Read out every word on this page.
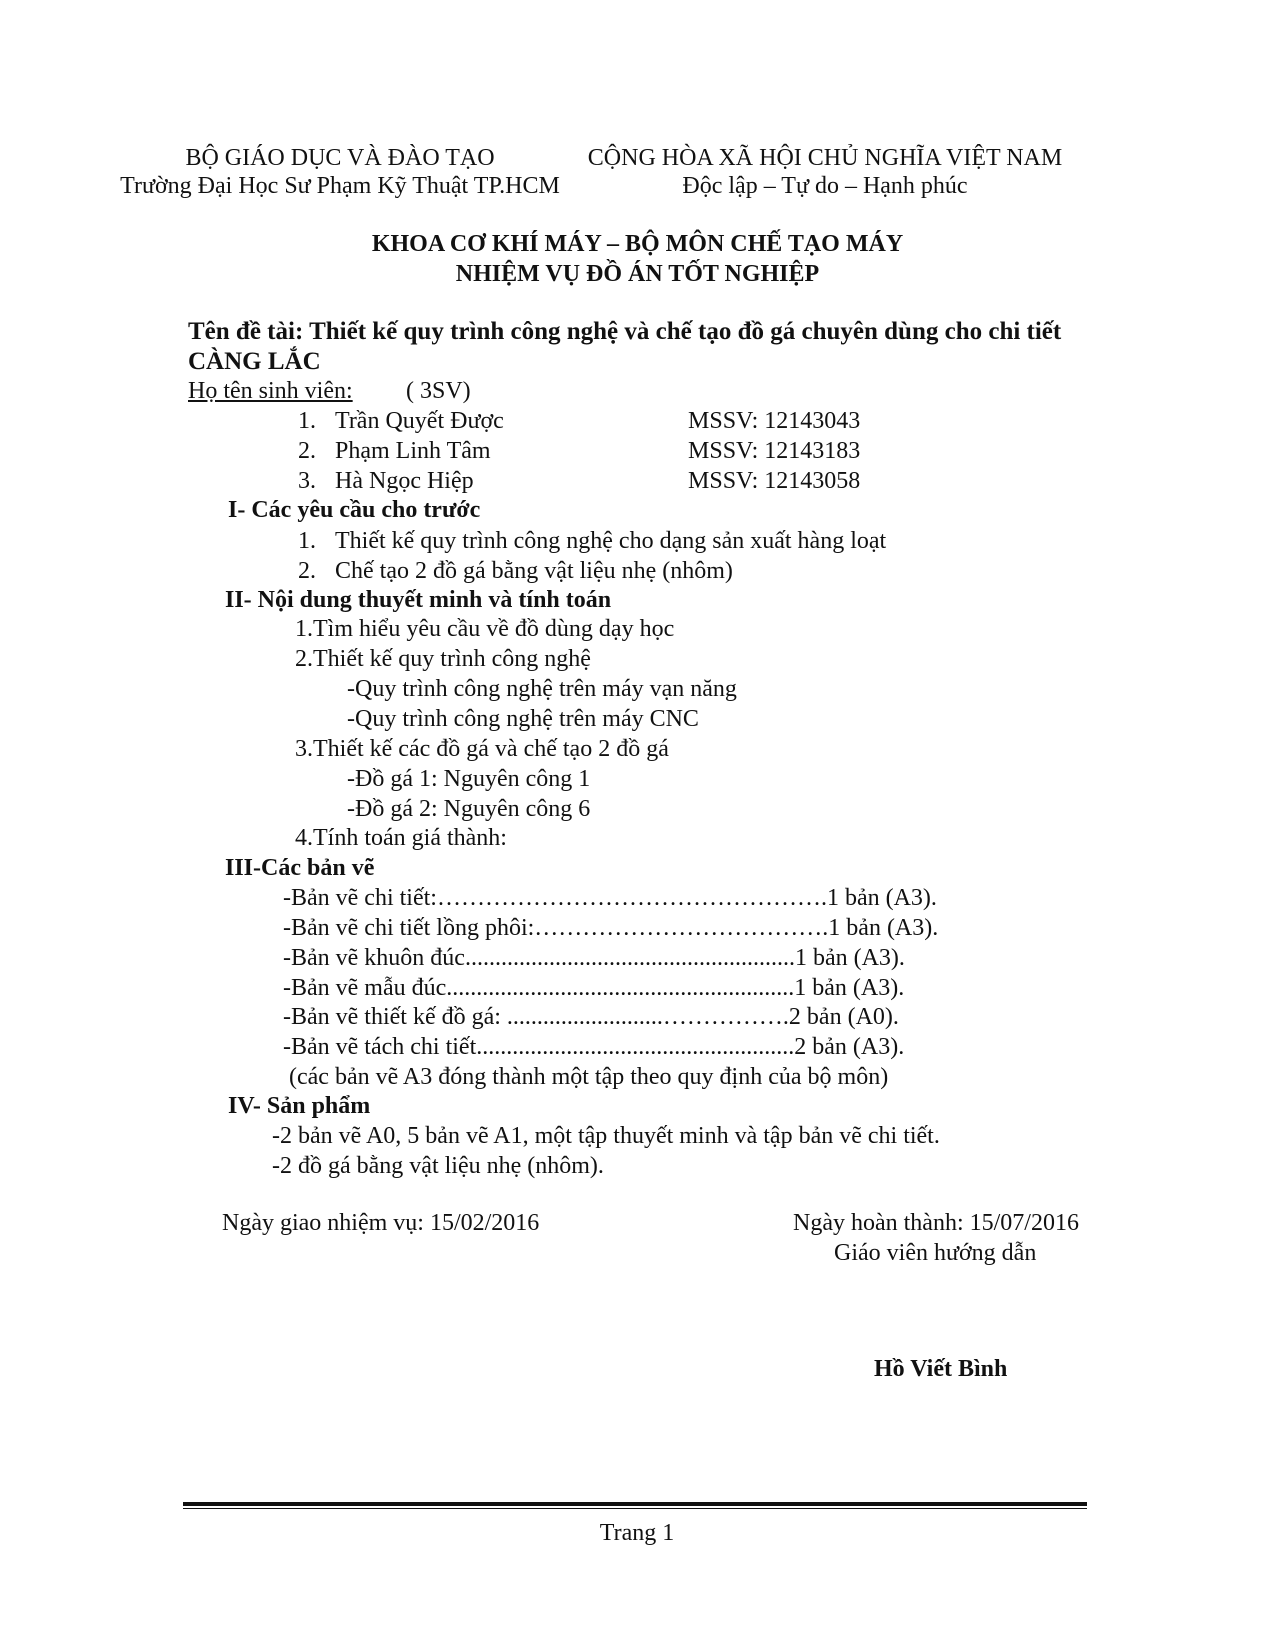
BỘ GIÁO DỤC VÀ ĐÀO TẠO
Trường Đại Học Sư Phạm Kỹ Thuật TP.HCM
CỘNG HÒA XÃ HỘI CHỦ NGHĨA VIỆT NAM
Độc lập – Tự do – Hạnh phúc
KHOA CƠ KHÍ MÁY – BỘ MÔN CHẾ TẠO MÁY
NHIỆM VỤ ĐỒ ÁN TỐT NGHIỆP
Tên đề tài: Thiết kế quy trình công nghệ và chế tạo đồ gá chuyên dùng cho chi tiết
CÀNG LẮC
Họ tên sinh viên: ( 3SV)
1. Trần Quyết Được	MSSV: 12143043
2. Phạm Linh Tâm	MSSV: 12143183
3. Hà Ngọc Hiệp	MSSV: 12143058
I- Các yêu cầu cho trước
1. Thiết kế quy trình công nghệ cho dạng sản xuất hàng loạt
2. Chế tạo 2 đồ gá bằng vật liệu nhẹ (nhôm)
II- Nội dung thuyết minh và tính toán
1.Tìm hiểu yêu cầu về đồ dùng dạy học
2.Thiết kế quy trình công nghệ
-Quy trình công nghệ trên máy vạn năng
-Quy trình công nghệ trên máy CNC
3.Thiết kế các đồ gá và chế tạo 2 đồ gá
-Đồ gá 1: Nguyên công 1
-Đồ gá 2: Nguyên công 6
4.Tính toán giá thành:
III-Các bản vẽ
-Bản vẽ chi tiết:………………………………………….1 bản (A3).
-Bản vẽ chi tiết lồng phôi:……………………………….1 bản (A3).
-Bản vẽ khuôn đúc.......................................................1 bản (A3).
-Bản vẽ mẫu đúc..........................................................1 bản (A3).
-Bản vẽ thiết kế đồ gá: ..........................…………….2 bản (A0).
-Bản vẽ tách chi tiết.....................................................2 bản (A3).
(các bản vẽ A3 đóng thành một tập theo quy định của bộ môn)
IV- Sản phẩm
-2 bản vẽ A0, 5 bản vẽ A1, một tập thuyết minh và tập bản vẽ chi tiết.
-2 đồ gá bằng vật liệu nhẹ (nhôm).
Ngày giao nhiệm vụ: 15/02/2016	Ngày hoàn thành: 15/07/2016
Giáo viên hướng dẫn
Hồ Viết Bình
Trang 1
